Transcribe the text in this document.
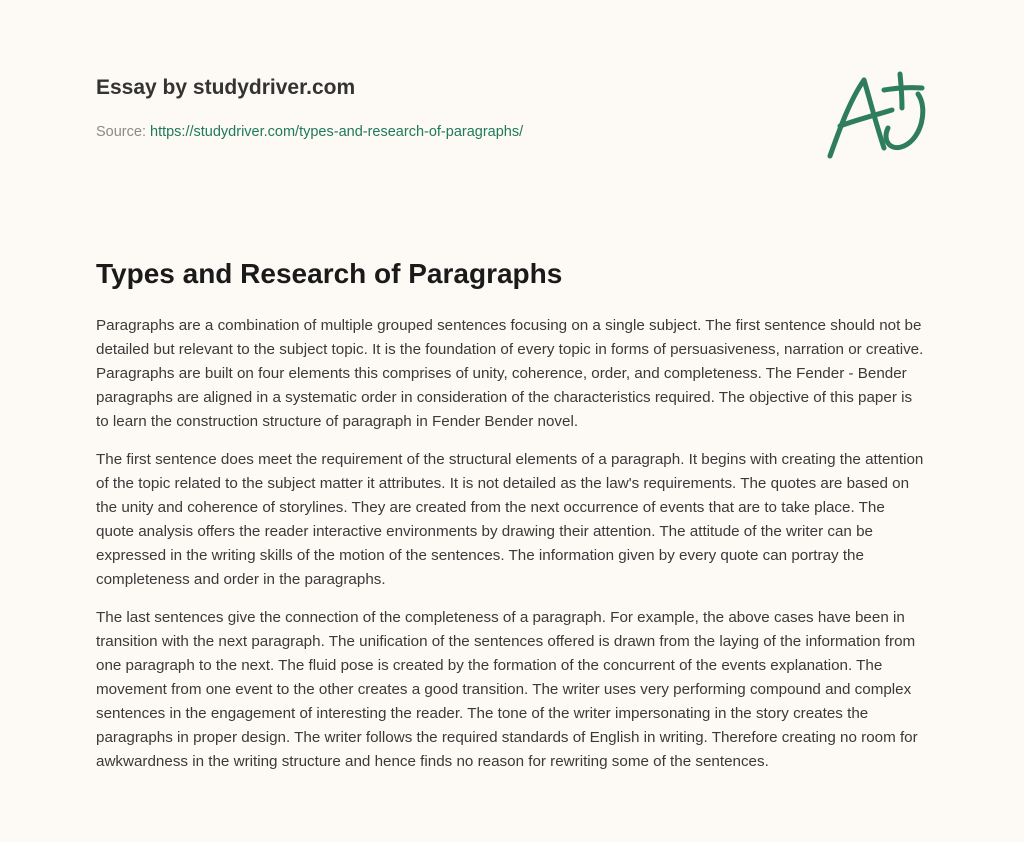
Essay by studydriver.com

Source: https://studydriver.com/types-and-research-of-paragraphs/

Types and Research of Paragraphs

Paragraphs are a combination of multiple grouped sentences focusing on a single subject. The first sentence should not be detailed but relevant to the subject topic. It is the foundation of every topic in forms of persuasiveness, narration or creative. Paragraphs are built on four elements this comprises of unity, coherence, order, and completeness. The Fender - Bender paragraphs are aligned in a systematic order in consideration of the characteristics required. The objective of this paper is to learn the construction structure of paragraph in Fender Bender novel.

The first sentence does meet the requirement of the structural elements of a paragraph. It begins with creating the attention of the topic related to the subject matter it attributes. It is not detailed as the law's requirements. The quotes are based on the unity and coherence of storylines. They are created from the next occurrence of events that are to take place. The quote analysis offers the reader interactive environments by drawing their attention. The attitude of the writer can be expressed in the writing skills of the motion of the sentences. The information given by every quote can portray the completeness and order in the paragraphs.

The last sentences give the connection of the completeness of a paragraph. For example, the above cases have been in transition with the next paragraph. The unification of the sentences offered is drawn from the laying of the information from one paragraph to the next. The fluid pose is created by the formation of the concurrent of the events explanation. The movement from one event to the other creates a good transition. The writer uses very performing compound and complex sentences in the engagement of interesting the reader. The tone of the writer impersonating in the story creates the paragraphs in proper design. The writer follows the required standards of English in writing. Therefore creating no room for awkwardness in the writing structure and hence finds no reason for rewriting some of the sentences.
